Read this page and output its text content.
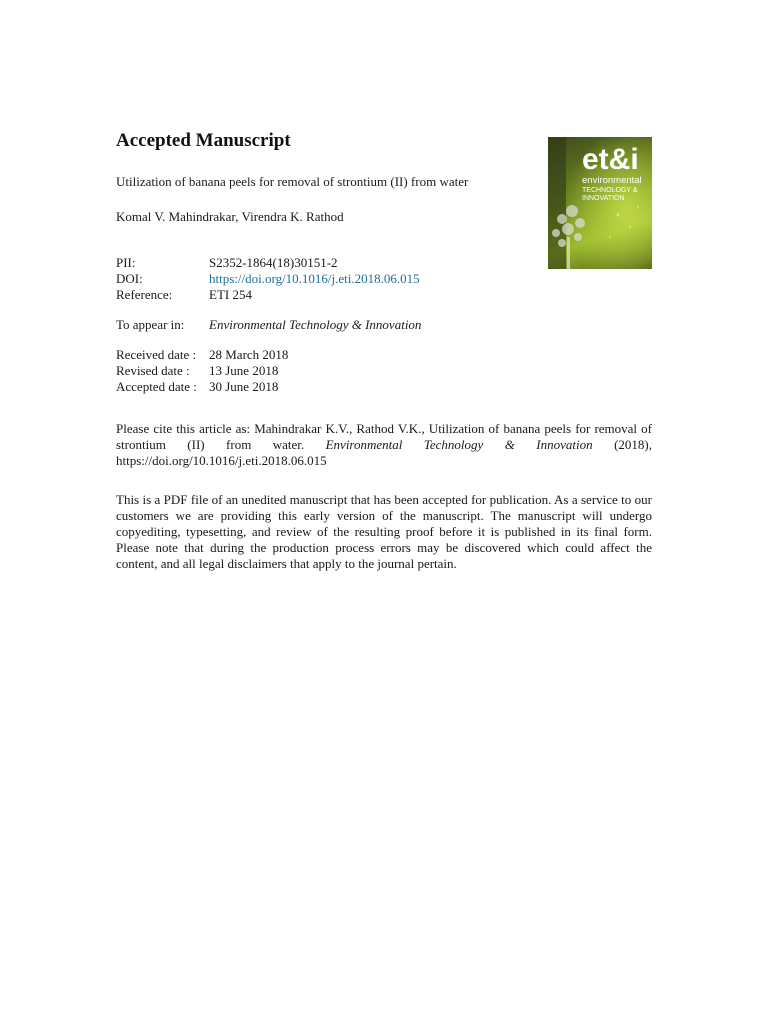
Accepted Manuscript
Utilization of banana peels for removal of strontium (II) from water
Komal V. Mahindrakar, Virendra K. Rathod
PII:	S2352-1864(18)30151-2
DOI:	https://doi.org/10.1016/j.eti.2018.06.015
Reference:	ETI 254
To appear in: Environmental Technology & Innovation
Received date : 28 March 2018
Revised date : 13 June 2018
Accepted date : 30 June 2018

Please cite this article as: Mahindrakar K.V., Rathod V.K., Utilization of banana peels for removal of strontium (II) from water. Environmental Technology & Innovation (2018), https://doi.org/10.1016/j.eti.2018.06.015

This is a PDF file of an unedited manuscript that has been accepted for publication. As a service to our customers we are providing this early version of the manuscript. The manuscript will undergo copyediting, typesetting, and review of the resulting proof before it is published in its final form. Please note that during the production process errors may be discovered which could affect the content, and all legal disclaimers that apply to the journal pertain.

et&i
environmental
TECHNOLOGY &
INNOVATION
